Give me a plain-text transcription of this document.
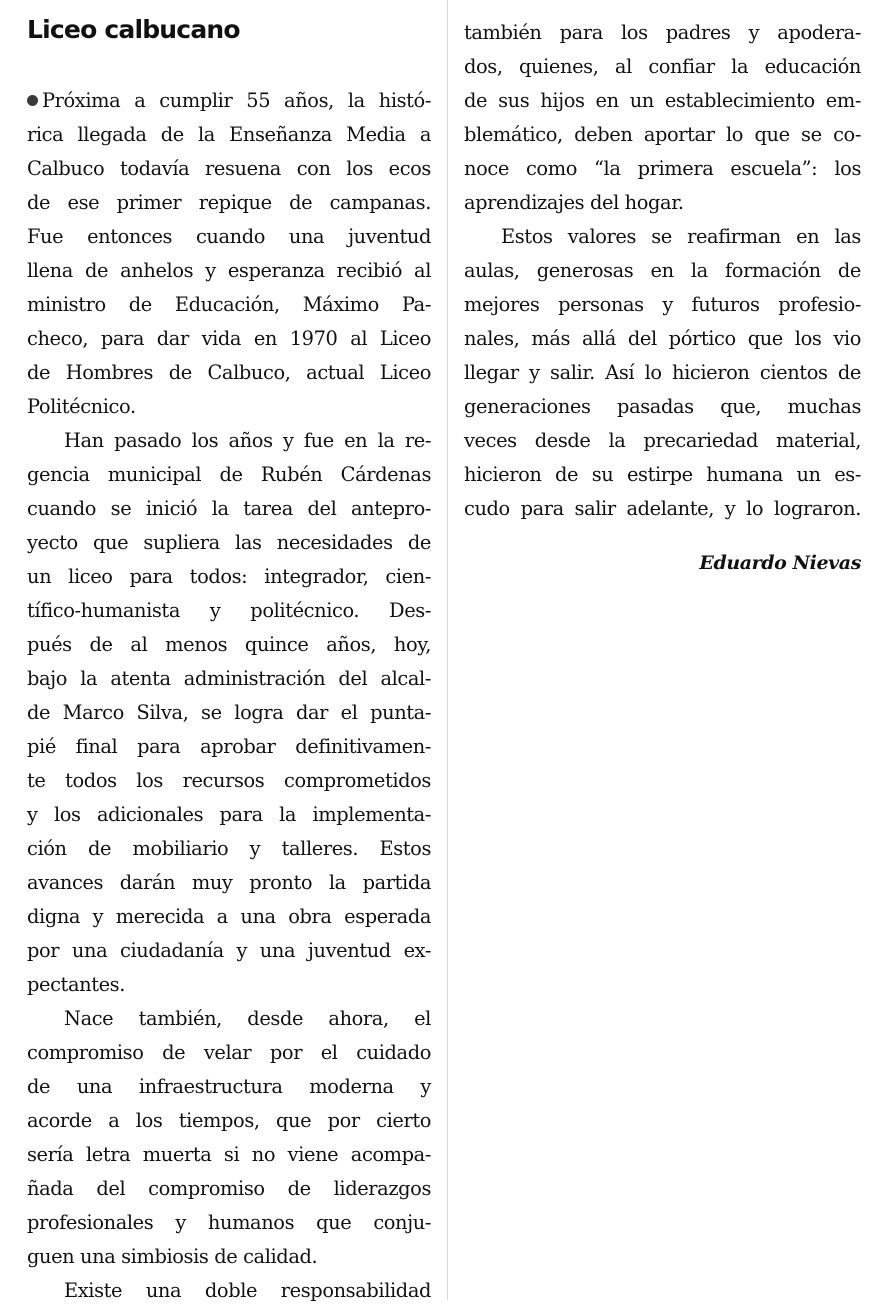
Liceo calbucano
Próxima a cumplir 55 años, la histó-
rica llegada de la Enseñanza Media a
Calbuco todavía resuena con los ecos
de ese primer repique de campanas.
Fue entonces cuando una juventud
llena de anhelos y esperanza recibió al
ministro de Educación, Máximo Pa-
checo, para dar vida en 1970 al Liceo
de Hombres de Calbuco, actual Liceo
Politécnico.
Han pasado los años y fue en la re-
gencia municipal de Rubén Cárdenas
cuando se inició la tarea del antepro-
yecto que supliera las necesidades de
un liceo para todos: integrador, cien-
tífico-humanista y politécnico. Des-
pués de al menos quince años, hoy,
bajo la atenta administración del alcal-
de Marco Silva, se logra dar el punta-
pié final para aprobar definitivamen-
te todos los recursos comprometidos
y los adicionales para la implementa-
ción de mobiliario y talleres. Estos
avances darán muy pronto la partida
digna y merecida a una obra esperada
por una ciudadanía y una juventud ex-
pectantes.
Nace también, desde ahora, el
compromiso de velar por el cuidado
de una infraestructura moderna y
acorde a los tiempos, que por cierto
sería letra muerta si no viene acompa-
ñada del compromiso de liderazgos
profesionales y humanos que conju-
guen una simbiosis de calidad.
Existe una doble responsabilidad
también para los padres y apodera-
dos, quienes, al confiar la educación
de sus hijos en un establecimiento em-
blemático, deben aportar lo que se co-
noce como “la primera escuela”: los
aprendizajes del hogar.
Estos valores se reafirman en las
aulas, generosas en la formación de
mejores personas y futuros profesio-
nales, más allá del pórtico que los vio
llegar y salir. Así lo hicieron cientos de
generaciones pasadas que, muchas
veces desde la precariedad material,
hicieron de su estirpe humana un es-
cudo para salir adelante, y lo lograron.
Eduardo Nievas
